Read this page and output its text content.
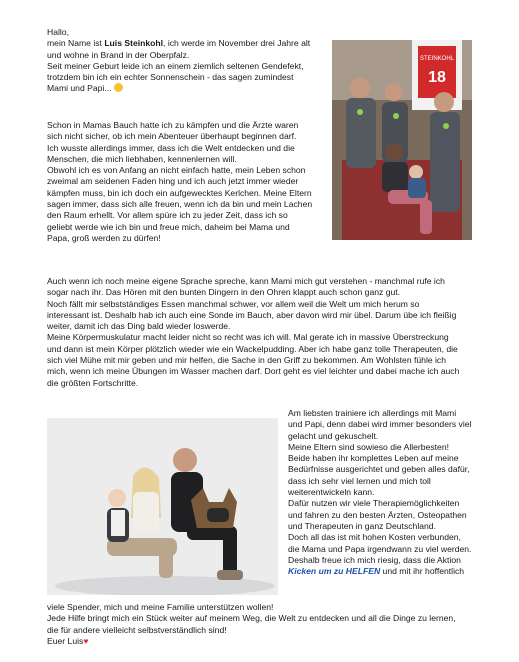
Hallo,
mein Name ist Luis Steinkohl, ich werde im November drei Jahre alt
und wohne in Brand in der Oberpfalz.
Seit meiner Geburt leide ich an einem ziemlich seltenen Gendefekt,
trotzdem bin ich ein echter Sonnenschein - das sagen zumindest
Mami und Papi...

Schon in Mamas Bauch hatte ich zu kämpfen und die Ärzte waren
sich nicht sicher, ob ich mein Abenteuer überhaupt beginnen darf.
Ich wusste allerdings immer, dass ich die Welt entdecken und die
Menschen, die mich liebhaben, kennenlernen will.
Obwohl ich es von Anfang an nicht einfach hatte, mein Leben schon
zweimal am seidenen Faden hing und ich auch jetzt immer wieder
kämpfen muss, bin ich doch ein aufgewecktes Kerlchen. Meine Eltern
sagen immer, dass sich alle freuen, wenn ich da bin und mein Lachen
den Raum erhellt. Vor allem spüre ich zu jeder Zeit, dass ich so
geliebt werde wie ich bin und freue mich, daheim bei Mama und
Papa, groß werden zu dürfen!

STEINKOHL
18

Auch wenn ich noch meine eigene Sprache spreche, kann Mami mich gut verstehen - manchmal rufe ich
sogar nach ihr. Das Hören mit den bunten Dingern in den Ohren klappt auch schon ganz gut.
Noch fällt mir selbstständiges Essen manchmal schwer, vor allem weil die Welt um mich herum so
interessant ist. Deshalb hab ich auch eine Sonde im Bauch, aber davon wird mir übel. Darum übe ich fleißig
weiter, damit ich das Ding bald wieder loswerde.
Meine Körpermuskulatur macht leider nicht so recht was ich will. Mal gerate ich in massive Überstreckung
und dann ist mein Körper plötzlich wieder wie ein Wackelpudding. Aber ich habe ganz tolle Therapeuten, die
sich viel Mühe mit mir geben und mir helfen, die Sache in den Griff zu bekommen. Am Wohlsten fühle ich
mich, wenn ich meine Übungen im Wasser machen darf. Dort geht es viel leichter und dabei mache ich auch
die größten Fortschritte.

Am liebsten trainiere ich allerdings mit Mami
und Papi, denn dabei wird immer besonders viel
gelacht und gekuschelt.
Meine Eltern sind sowieso die Allerbesten!
Beide haben ihr komplettes Leben auf meine
Bedürfnisse ausgerichtet und geben alles dafür,
dass ich sehr viel lernen und mich toll
weiterentwickeln kann.
Dafür nutzen wir viele Therapiemöglichkeiten
und fahren zu den besten Ärzten, Osteopathen
und Therapeuten in ganz Deutschland.
Doch all das ist mit hohen Kosten verbunden,
die Mama und Papa irgendwann zu viel werden.
Deshalb freue ich mich riesig, dass die Aktion
Kicken um zu HELFEN und mit ihr hoffentlich

viele Spender, mich und meine Familie unterstützen wollen!
Jede Hilfe bringt mich ein Stück weiter auf meinem Weg, die Welt zu entdecken und all die Dinge zu lernen,
die für andere vielleicht selbstverständlich sind!
Euer Luis♥
